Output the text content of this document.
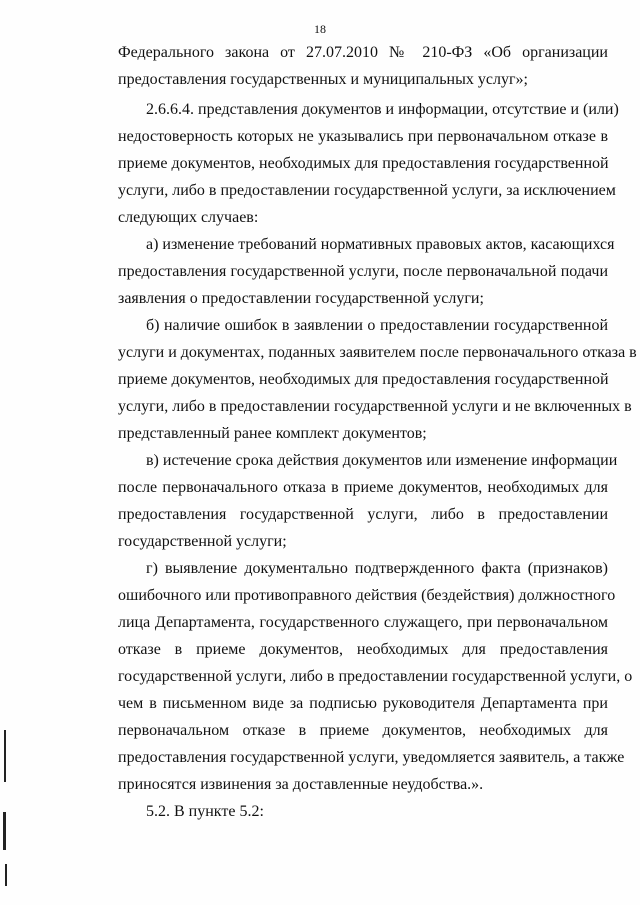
18
Федерального закона от 27.07.2010 № 210-ФЗ «Об организации
предоставления государственных и муниципальных услуг»;
2.6.6.4. представления документов и информации, отсутствие и (или)
недостоверность которых не указывались при первоначальном отказе в
приеме документов, необходимых для предоставления государственной
услуги, либо в предоставлении государственной услуги, за исключением
следующих случаев:
а) изменение требований нормативных правовых актов, касающихся
предоставления государственной услуги, после первоначальной подачи
заявления о предоставлении государственной услуги;
б) наличие ошибок в заявлении о предоставлении государственной
услуги и документах, поданных заявителем после первоначального отказа в
приеме документов, необходимых для предоставления государственной
услуги, либо в предоставлении государственной услуги и не включенных в
представленный ранее комплект документов;
в) истечение срока действия документов или изменение информации
после первоначального отказа в приеме документов, необходимых для
предоставления государственной услуги, либо в предоставлении
государственной услуги;
г) выявление документально подтвержденного факта (признаков)
ошибочного или противоправного действия (бездействия) должностного
лица Департамента, государственного служащего, при первоначальном
отказе в приеме документов, необходимых для предоставления
государственной услуги, либо в предоставлении государственной услуги, о
чем в письменном виде за подписью руководителя Департамента при
первоначальном отказе в приеме документов, необходимых для
предоставления государственной услуги, уведомляется заявитель, а также
приносятся извинения за доставленные неудобства.».
5.2. В пункте 5.2:
